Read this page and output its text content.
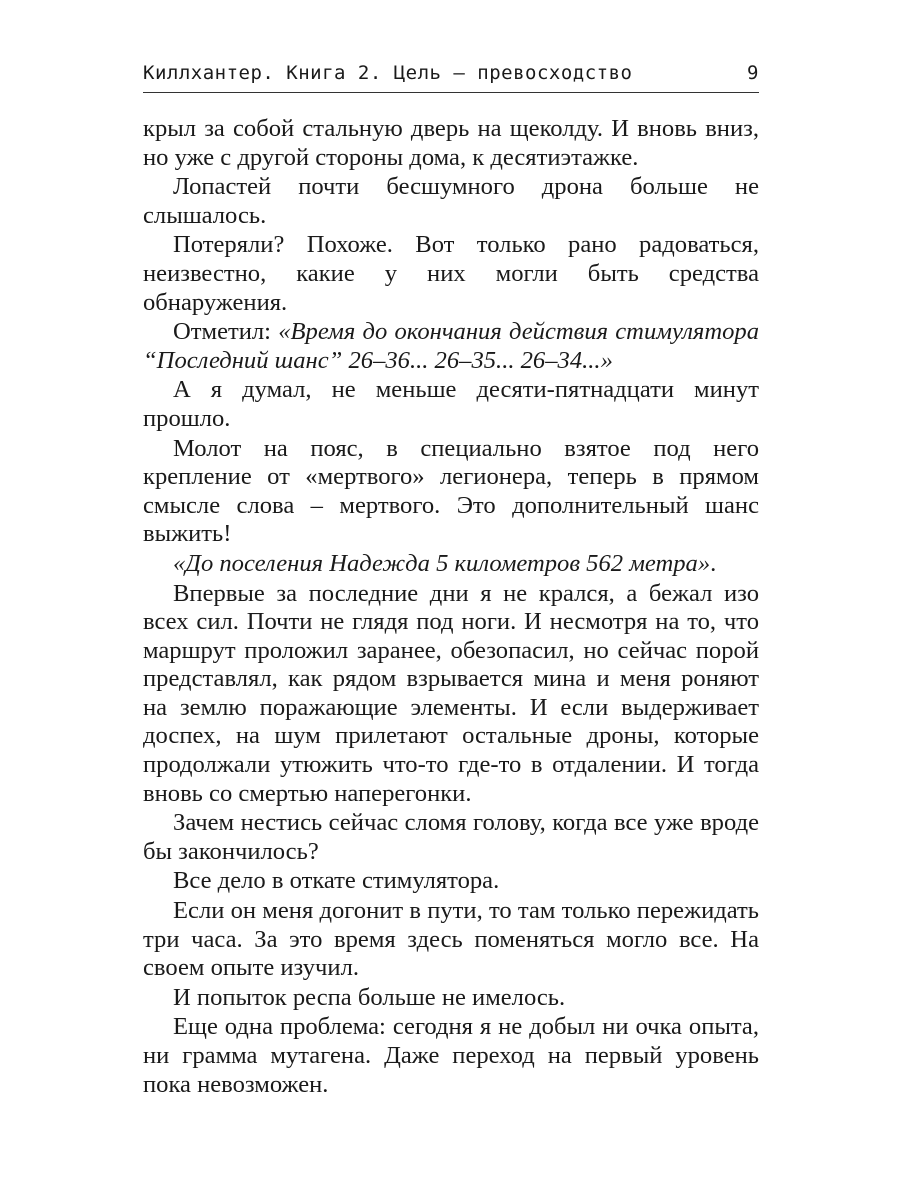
Киллхантер. Книга 2. Цель — превосходство	9

крыл за собой стальную дверь на щеколду. И вновь вниз, но уже с другой стороны дома, к десятиэтажке.

Лопастей почти бесшумного дрона больше не слышалось.

Потеряли? Похоже. Вот только рано радоваться, неизвестно, какие у них могли быть средства обнаружения.

Отметил: «Время до окончания действия стимулятора “Последний шанс” 26–36... 26–35... 26–34...»

А я думал, не меньше десяти-пятнадцати минут прошло.

Молот на пояс, в специально взятое под него крепление от «мертвого» легионера, теперь в прямом смысле слова – мертвого. Это дополнительный шанс выжить!

«До поселения Надежда 5 километров 562 метра».

Впервые за последние дни я не крался, а бежал изо всех сил. Почти не глядя под ноги. И несмотря на то, что маршрут проложил заранее, обезопасил, но сейчас порой представлял, как рядом взрывается мина и меня роняют на землю поражающие элементы. И если выдерживает доспех, на шум прилетают остальные дроны, которые продолжали утюжить что-то где-то в отдалении. И тогда вновь со смертью наперегонки.

Зачем нестись сейчас сломя голову, когда все уже вроде бы закончилось?

Все дело в откате стимулятора.

Если он меня догонит в пути, то там только пережидать три часа. За это время здесь поменяться могло все. На своем опыте изучил.

И попыток респа больше не имелось.

Еще одна проблема: сегодня я не добыл ни очка опыта, ни грамма мутагена. Даже переход на первый уровень пока невозможен.
